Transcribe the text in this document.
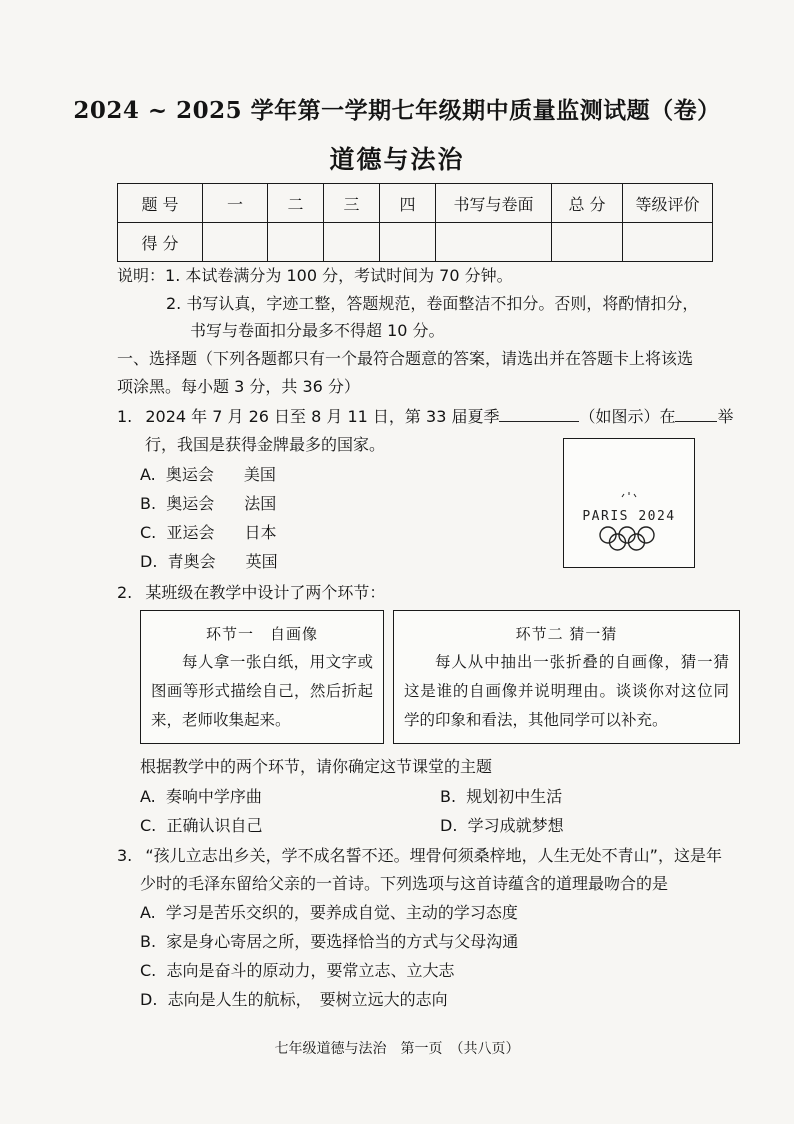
2024 ~ 2025 学年第一学期七年级期中质量监测试题（卷）
道德与法治
题 号	一	二	三	四	书写与卷面	总 分	等级评价
得 分							
说明：1. 本试卷满分为 100 分，考试时间为 70 分钟。
2. 书写认真，字迹工整，答题规范，卷面整洁不扣分。否则，将酌情扣分，
书写与卷面扣分最多不得超 10 分。
一、选择题（下列各题都只有一个最符合题意的答案，请选出并在答题卡上将该选
项涂黑。每小题 3 分，共 36 分）
1. 2024 年 7 月 26 日至 8 月 11 日，第 33 届夏季	（如图示）在	举
行，我国是获得金牌最多的国家。
A. 奥运会 美国
B. 奥运会 法国
C. 亚运会 日本
D. 青奥会 英国
PARIS 2024
2. 某班级在教学中设计了两个环节：
环节一　自画像
每人拿一张白纸，用文字或图画等形式描绘自己，然后折起来，老师收集起来。
环节二 猜一猜
每人从中抽出一张折叠的自画像，猜一猜这是谁的自画像并说明理由。谈谈你对这位同学的印象和看法，其他同学可以补充。
根据教学中的两个环节，请你确定这节课堂的主题
A. 奏响中学序曲	B. 规划初中生活
C. 正确认识自己	D. 学习成就梦想
3. “孩儿立志出乡关，学不成名誓不还。埋骨何须桑梓地，人生无处不青山”，这是年
少时的毛泽东留给父亲的一首诗。下列选项与这首诗蕴含的道理最吻合的是
A. 学习是苦乐交织的，要养成自觉、主动的学习态度
B. 家是身心寄居之所，要选择恰当的方式与父母沟通
C. 志向是奋斗的原动力，要常立志、立大志
D. 志向是人生的航标，　要树立远大的志向
七年级道德与法治　第一页　（共八页）
